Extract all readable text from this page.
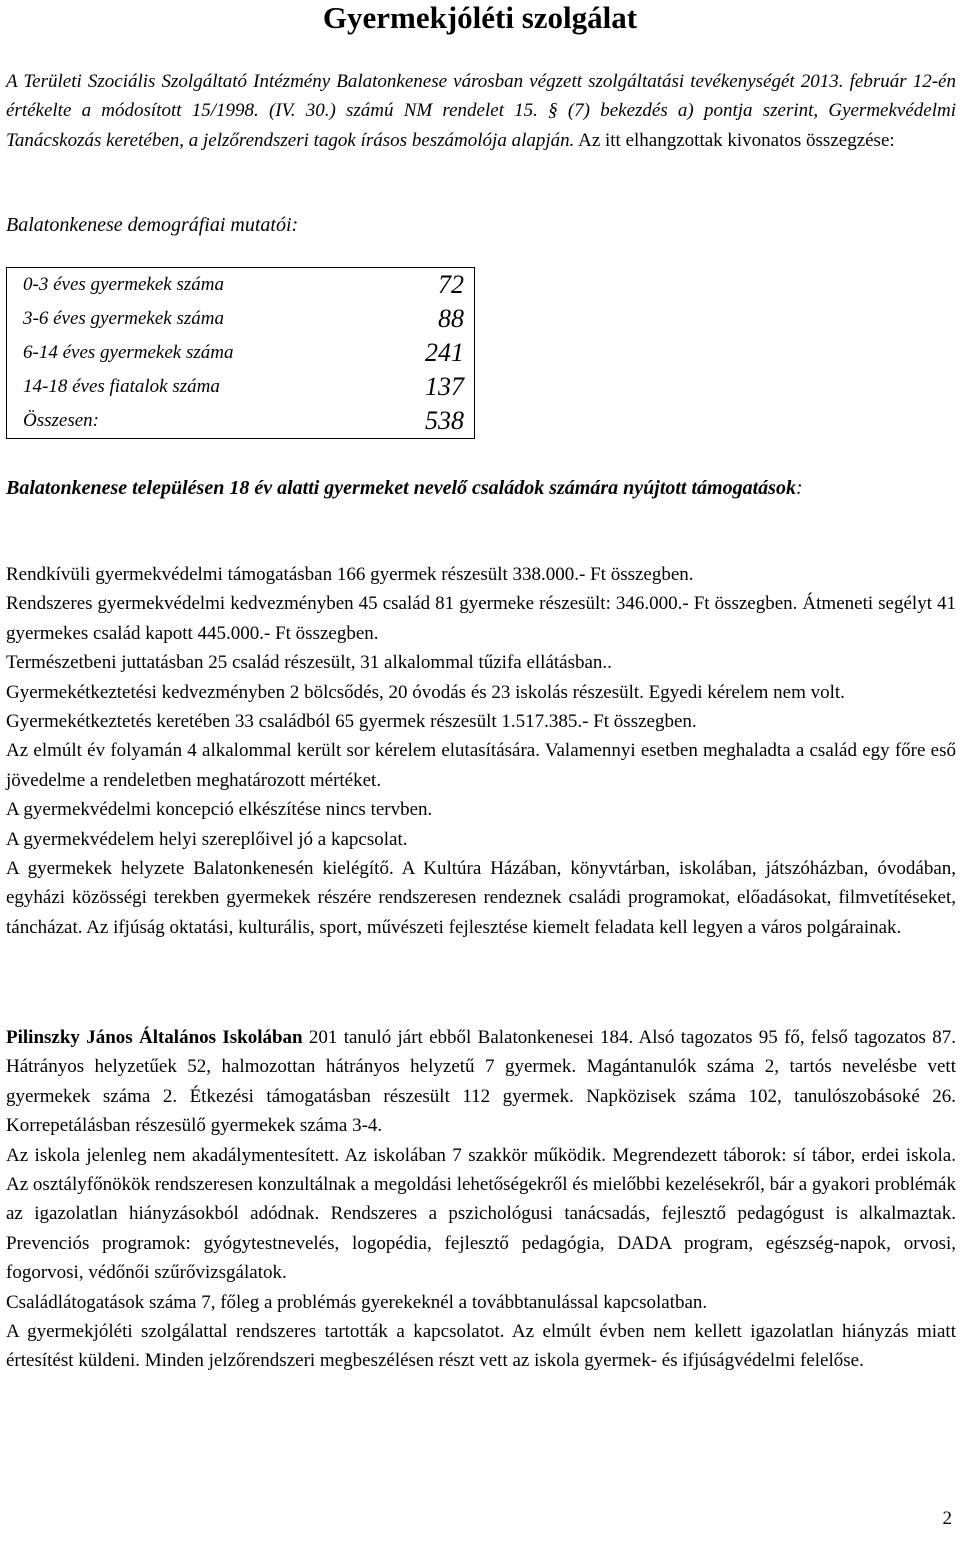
Gyermekjóléti szolgálat
A Területi Szociális Szolgáltató Intézmény Balatonkenese városban végzett szolgáltatási tevékenységét 2013. február 12-én értékelte a módosított 15/1998. (IV. 30.) számú NM rendelet 15. § (7) bekezdés a) pontja szerint, Gyermekvédelmi Tanácskozás keretében, a jelzőrendszeri tagok írásos beszámolója alapján. Az itt elhangzottak kivonatos összegzése:
Balatonkenese demográfiai mutatói:
0-3 éves gyermekek száma	72
3-6 éves gyermekek száma	88
6-14 éves gyermekek száma	241
14-18 éves fiatalok száma	137
Összesen:	538
Balatonkenese településen 18 év alatti gyermeket nevelő családok számára nyújtott támogatások:

Rendkívüli gyermekvédelmi támogatásban 166 gyermek részesült 338.000.- Ft összegben.

Rendszeres gyermekvédelmi kedvezményben 45 család 81 gyermeke részesült: 346.000.- Ft összegben. Átmeneti segélyt 41 gyermekes család kapott 445.000.- Ft összegben.

Természetbeni juttatásban 25 család részesült, 31 alkalommal tűzifa ellátásban..

Gyermekétkeztetési kedvezményben 2 bölcsődés, 20 óvodás és 23 iskolás részesült. Egyedi kérelem nem volt.

Gyermekétkeztetés keretében 33 családból 65 gyermek részesült 1.517.385.- Ft összegben.

Az elmúlt év folyamán 4 alkalommal került sor kérelem elutasítására. Valamennyi esetben meghaladta a család egy főre eső jövedelme a rendeletben meghatározott mértéket.

A gyermekvédelmi koncepció elkészítése nincs tervben.

A gyermekvédelem helyi szereplőivel jó a kapcsolat.

A gyermekek helyzete Balatonkenesén kielégítő. A Kultúra Házában, könyvtárban, iskolában, játszóházban, óvodában, egyházi közösségi terekben gyermekek részére rendszeresen rendeznek családi programokat, előadásokat, filmvetítéseket, táncházat. Az ifjúság oktatási, kulturális, sport, művészeti fejlesztése kiemelt feladata kell legyen a város polgárainak.

Pilinszky János Általános Iskolában 201 tanuló járt ebből Balatonkenesei 184. Alsó tagozatos 95 fő, felső tagozatos 87. Hátrányos helyzetűek 52, halmozottan hátrányos helyzetű 7 gyermek. Magántanulók száma 2, tartós nevelésbe vett gyermekek száma 2. Étkezési támogatásban részesült 112 gyermek. Napközisek száma 102, tanulószobásoké 26. Korrepetálásban részesülő gyermekek száma 3-4.

Az iskola jelenleg nem akadálymentesített. Az iskolában 7 szakkör működik. Megrendezett táborok: sí tábor, erdei iskola. Az osztályfőnökök rendszeresen konzultálnak a megoldási lehetőségekről és mielőbbi kezelésekről, bár a gyakori problémák az igazolatlan hiányzásokból adódnak. Rendszeres a pszichológusi tanácsadás, fejlesztő pedagógust is alkalmaztak. Prevenciós programok: gyógytestnevelés, logopédia, fejlesztő pedagógia, DADA program, egészség-napok, orvosi, fogorvosi, védőnői szűrővizsgálatok.

Családlátogatások száma 7, főleg a problémás gyerekeknél a továbbtanulással kapcsolatban.

A gyermekjóléti szolgálattal rendszeres tartották a kapcsolatot. Az elmúlt évben nem kellett igazolatlan hiányzás miatt értesítést küldeni. Minden jelzőrendszeri megbeszélésen részt vett az iskola gyermek- és ifjúságvédelmi felelőse.

2
